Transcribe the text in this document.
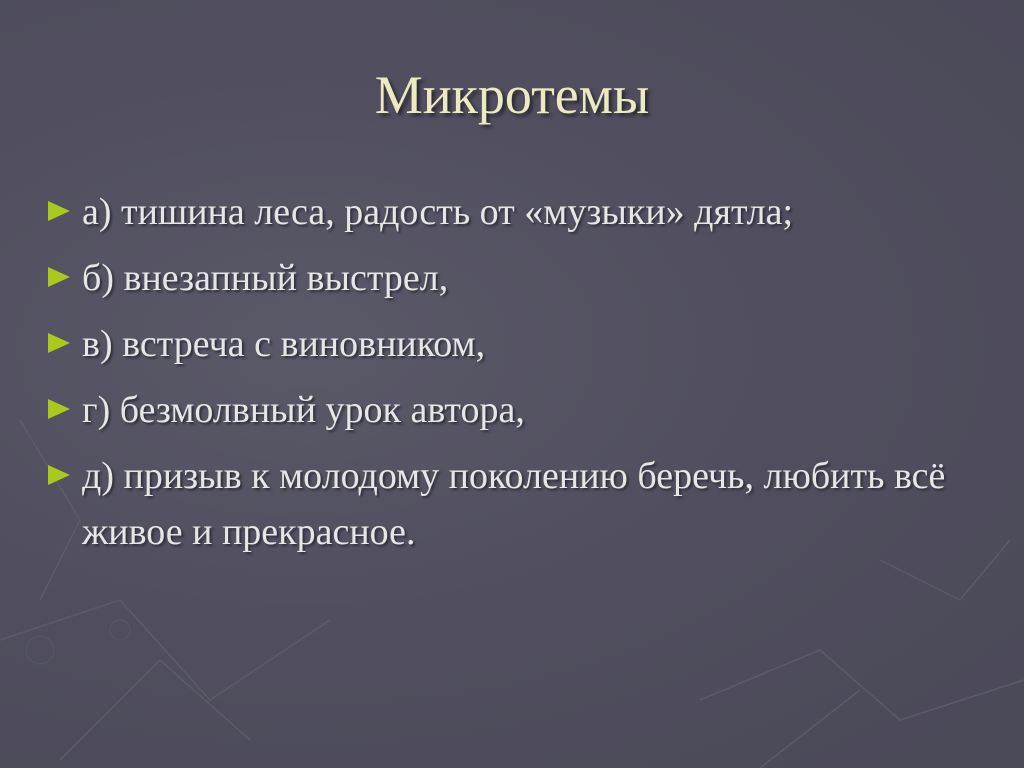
Микротемы
а) тишина леса, радость от «музыки» дятла;
б) внезапный выстрел,
в) встреча с виновником,
г) безмолвный урок автора,
д) призыв к молодому поколению беречь, любить всё живое и прекрасное.
